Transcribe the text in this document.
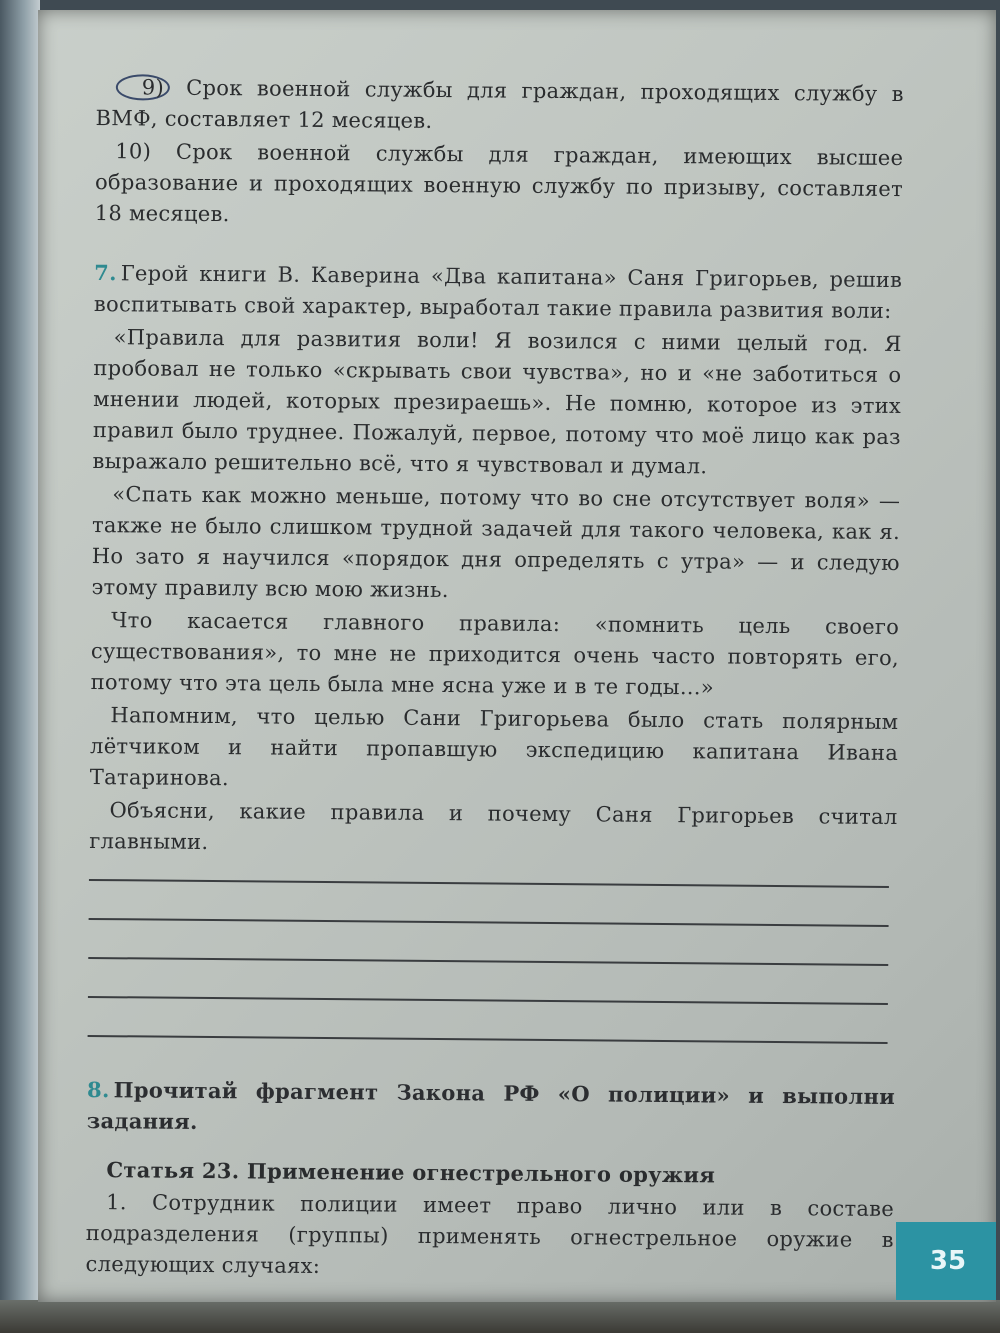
9) Срок военной службы для граждан, проходящих службу в ВМФ, составляет 12 месяцев.

10) Срок военной службы для граждан, имеющих высшее образование и проходящих военную службу по призыву, составляет 18 месяцев.

7. Герой книги В. Каверина «Два капитана» Саня Григорьев, решив воспитывать свой характер, выработал такие правила развития воли:

«Правила для развития воли! Я возился с ними целый год. Я пробовал не только «скрывать свои чувства», но и «не заботиться о мнении людей, которых презираешь». Не помню, которое из этих правил было труднее. Пожалуй, первое, потому что моё лицо как раз выражало решительно всё, что я чувствовал и думал.

«Спать как можно меньше, потому что во сне отсутствует воля» — также не было слишком трудной задачей для такого человека, как я. Но зато я научился «порядок дня определять с утра» — и следую этому правилу всю мою жизнь.

Что касается главного правила: «помнить цель своего существования», то мне не приходится очень часто повторять его, потому что эта цель была мне ясна уже и в те годы...»

Напомним, что целью Сани Григорьева было стать полярным лётчиком и найти пропавшую экспедицию капитана Ивана Татаринова.

Объясни, какие правила и почему Саня Григорьев считал главными.

8. Прочитай фрагмент Закона РФ «О полиции» и выполни задания.

Статья 23. Применение огнестрельного оружия

1. Сотрудник полиции имеет право лично или в составе подразделения (группы) применять огнестрельное оружие в следующих случаях:	35
